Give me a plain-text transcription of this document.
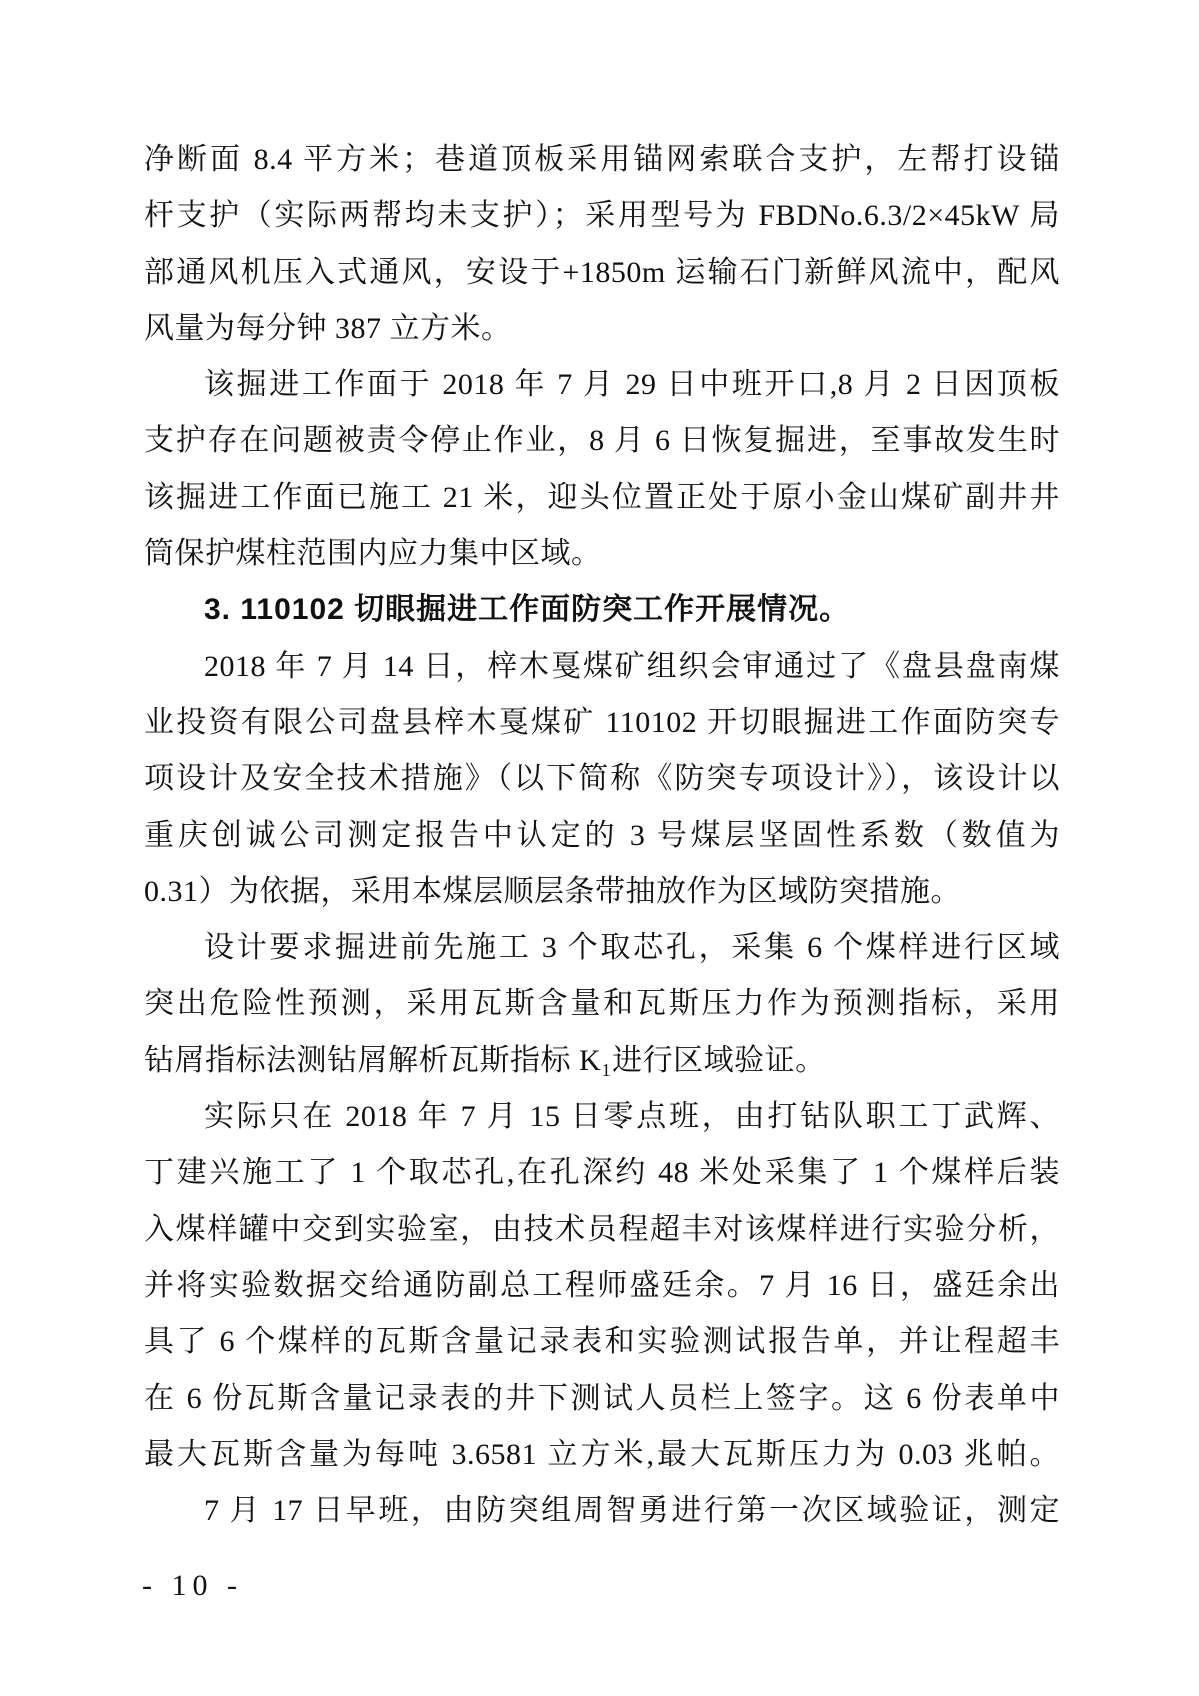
净断面 8.4 平方米；巷道顶板采用锚网索联合支护，左帮打设锚
杆支护（实际两帮均未支护）；采用型号为 FBDNo.6.3/2×45kW 局
部通风机压入式通风，安设于+1850m 运输石门新鲜风流中，配风
风量为每分钟 387 立方米。
该掘进工作面于 2018 年 7 月 29 日中班开口,8 月 2 日因顶板
支护存在问题被责令停止作业，8 月 6 日恢复掘进，至事故发生时
该掘进工作面已施工 21 米，迎头位置正处于原小金山煤矿副井井
筒保护煤柱范围内应力集中区域。
3. 110102 切眼掘进工作面防突工作开展情况。
2018 年 7 月 14 日，梓木戛煤矿组织会审通过了《盘县盘南煤
业投资有限公司盘县梓木戛煤矿 110102 开切眼掘进工作面防突专
项设计及安全技术措施》（以下简称《防突专项设计》），该设计以
重庆创诚公司测定报告中认定的 3 号煤层坚固性系数（数值为
0.31）为依据，采用本煤层顺层条带抽放作为区域防突措施。
设计要求掘进前先施工 3 个取芯孔，采集 6 个煤样进行区域
突出危险性预测，采用瓦斯含量和瓦斯压力作为预测指标，采用
钻屑指标法测钻屑解析瓦斯指标 K₁进行区域验证。
实际只在 2018 年 7 月 15 日零点班，由打钻队职工丁武辉、
丁建兴施工了 1 个取芯孔,在孔深约 48 米处采集了 1 个煤样后装
入煤样罐中交到实验室，由技术员程超丰对该煤样进行实验分析，
并将实验数据交给通防副总工程师盛廷余。7 月 16 日，盛廷余出
具了 6 个煤样的瓦斯含量记录表和实验测试报告单，并让程超丰
在 6 份瓦斯含量记录表的井下测试人员栏上签字。这 6 份表单中
最大瓦斯含量为每吨 3.6581 立方米,最大瓦斯压力为 0.03 兆帕。
7 月 17 日早班，由防突组周智勇进行第一次区域验证，测定
- 10 -
